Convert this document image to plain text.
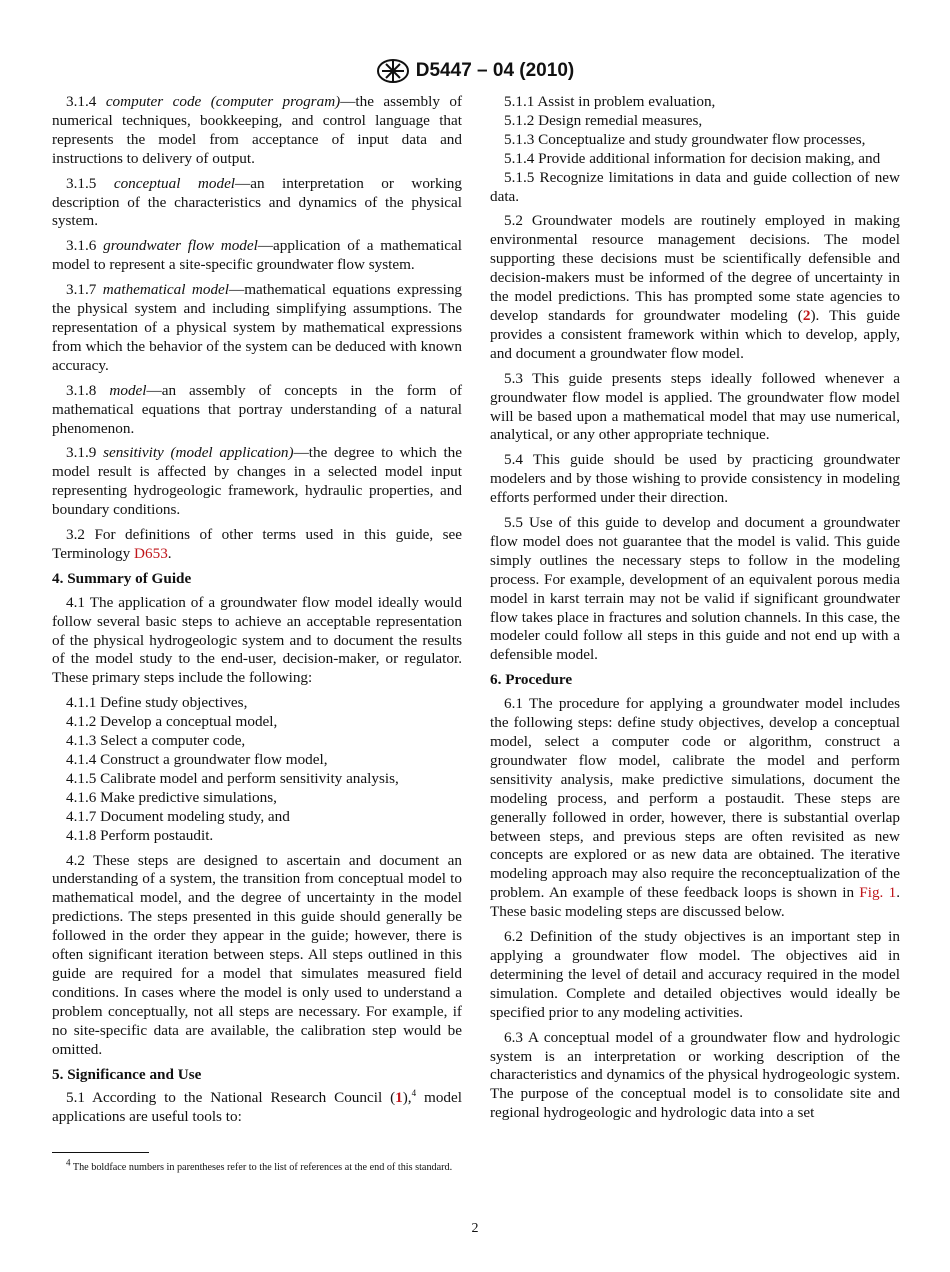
D5447 – 04 (2010)

3.1.4 computer code (computer program)—the assembly of numerical techniques, bookkeeping, and control language that represents the model from acceptance of input data and instructions to delivery of output.

3.1.5 conceptual model—an interpretation or working description of the characteristics and dynamics of the physical system.

3.1.6 groundwater flow model—application of a mathematical model to represent a site-specific groundwater flow system.

3.1.7 mathematical model—mathematical equations expressing the physical system and including simplifying assumptions. The representation of a physical system by mathematical expressions from which the behavior of the system can be deduced with known accuracy.

3.1.8 model—an assembly of concepts in the form of mathematical equations that portray understanding of a natural phenomenon.

3.1.9 sensitivity (model application)—the degree to which the model result is affected by changes in a selected model input representing hydrogeologic framework, hydraulic properties, and boundary conditions.

3.2 For definitions of other terms used in this guide, see Terminology D653.

4. Summary of Guide

4.1 The application of a groundwater flow model ideally would follow several basic steps to achieve an acceptable representation of the physical hydrogeologic system and to document the results of the model study to the end-user, decision-maker, or regulator. These primary steps include the following:

4.1.1 Define study objectives,

4.1.2 Develop a conceptual model,

4.1.3 Select a computer code,

4.1.4 Construct a groundwater flow model,

4.1.5 Calibrate model and perform sensitivity analysis,

4.1.6 Make predictive simulations,

4.1.7 Document modeling study, and

4.1.8 Perform postaudit.

4.2 These steps are designed to ascertain and document an understanding of a system, the transition from conceptual model to mathematical model, and the degree of uncertainty in the model predictions. The steps presented in this guide should generally be followed in the order they appear in the guide; however, there is often significant iteration between steps. All steps outlined in this guide are required for a model that simulates measured field conditions. In cases where the model is only used to understand a problem conceptually, not all steps are necessary. For example, if no site-specific data are available, the calibration step would be omitted.

5. Significance and Use

5.1 According to the National Research Council (1),$^4$ model applications are useful tools to:

5.1.1 Assist in problem evaluation,

5.1.2 Design remedial measures,

5.1.3 Conceptualize and study groundwater flow processes,

5.1.4 Provide additional information for decision making, and

5.1.5 Recognize limitations in data and guide collection of new data.

5.2 Groundwater models are routinely employed in making environmental resource management decisions. The model supporting these decisions must be scientifically defensible and decision-makers must be informed of the degree of uncertainty in the model predictions. This has prompted some state agencies to develop standards for groundwater modeling (2). This guide provides a consistent framework within which to develop, apply, and document a groundwater flow model.

5.3 This guide presents steps ideally followed whenever a groundwater flow model is applied. The groundwater flow model will be based upon a mathematical model that may use numerical, analytical, or any other appropriate technique.

5.4 This guide should be used by practicing groundwater modelers and by those wishing to provide consistency in modeling efforts performed under their direction.

5.5 Use of this guide to develop and document a groundwater flow model does not guarantee that the model is valid. This guide simply outlines the necessary steps to follow in the modeling process. For example, development of an equivalent porous media model in karst terrain may not be valid if significant groundwater flow takes place in fractures and solution channels. In this case, the modeler could follow all steps in this guide and not end up with a defensible model.

6. Procedure

6.1 The procedure for applying a groundwater model includes the following steps: define study objectives, develop a conceptual model, select a computer code or algorithm, construct a groundwater flow model, calibrate the model and perform sensitivity analysis, make predictive simulations, document the modeling process, and perform a postaudit. These steps are generally followed in order, however, there is substantial overlap between steps, and previous steps are often revisited as new concepts are explored or as new data are obtained. The iterative modeling approach may also require the reconceptualization of the problem. An example of these feedback loops is shown in Fig. 1. These basic modeling steps are discussed below.

6.2 Definition of the study objectives is an important step in applying a groundwater flow model. The objectives aid in determining the level of detail and accuracy required in the model simulation. Complete and detailed objectives would ideally be specified prior to any modeling activities.

6.3 A conceptual model of a groundwater flow and hydrologic system is an interpretation or working description of the characteristics and dynamics of the physical hydrogeologic system. The purpose of the conceptual model is to consolidate site and regional hydrogeologic and hydrologic data into a set

$^4$ The boldface numbers in parentheses refer to the list of references at the end of this standard.
2
